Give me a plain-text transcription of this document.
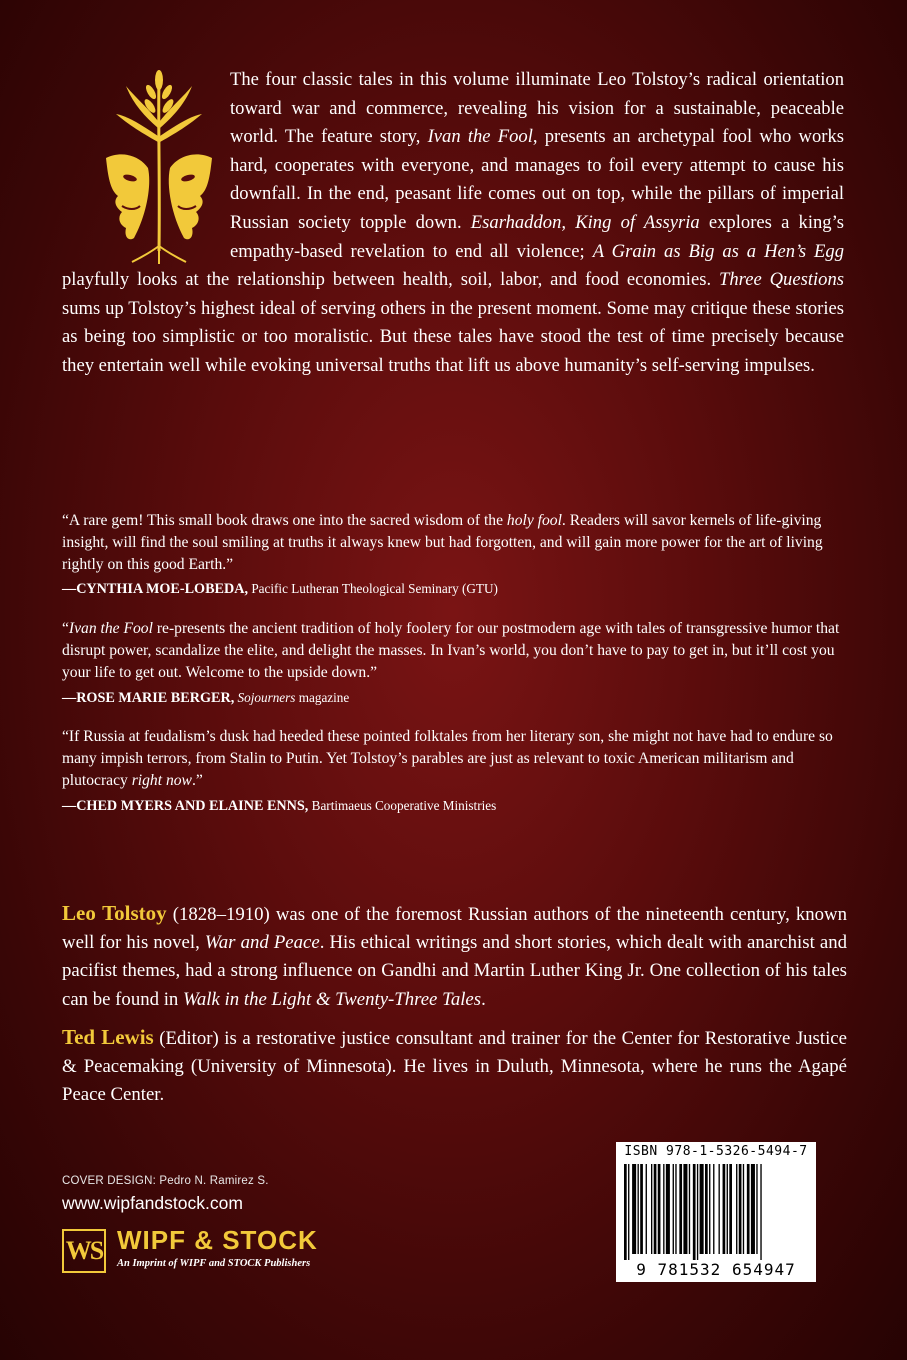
The four classic tales in this volume illuminate Leo Tolstoy’s radical orientation toward war and commerce, revealing his vision for a sustainable, peaceable world. The feature story, Ivan the Fool, presents an archetypal fool who works hard, cooperates with everyone, and manages to foil every attempt to cause his downfall. In the end, peasant life comes out on top, while the pillars of imperial Russian society topple down. Esarhaddon, King of Assyria explores a king’s empathy-based revelation to end all violence; A Grain as Big as a Hen’s Egg playfully looks at the relationship between health, soil, labor, and food economies. Three Questions sums up Tolstoy’s highest ideal of serving others in the present moment. Some may critique these stories as being too simplistic or too moralistic. But these tales have stood the test of time precisely because they entertain well while evoking universal truths that lift us above humanity’s self-serving impulses.

“A rare gem! This small book draws one into the sacred wisdom of the holy fool. Readers will savor kernels of life-giving insight, will find the soul smiling at truths it always knew but had forgotten, and will gain more power for the art of living rightly on this good Earth.”

—CYNTHIA MOE-LOBEDA, Pacific Lutheran Theological Seminary (GTU)

“Ivan the Fool re-presents the ancient tradition of holy foolery for our postmodern age with tales of transgressive humor that disrupt power, scandalize the elite, and delight the masses. In Ivan’s world, you don’t have to pay to get in, but it’ll cost you your life to get out. Welcome to the upside down.”

—ROSE MARIE BERGER, Sojourners magazine

“If Russia at feudalism’s dusk had heeded these pointed folktales from her literary son, she might not have had to endure so many impish terrors, from Stalin to Putin. Yet Tolstoy’s parables are just as relevant to toxic American militarism and plutocracy right now.”

—CHED MYERS AND ELAINE ENNS, Bartimaeus Cooperative Ministries

Leo Tolstoy (1828–1910) was one of the foremost Russian authors of the nineteenth century, known well for his novel, War and Peace. His ethical writings and short stories, which dealt with anarchist and pacifist themes, had a strong influence on Gandhi and Martin Luther King Jr. One collection of his tales can be found in Walk in the Light & Twenty-Three Tales.

Ted Lewis (Editor) is a restorative justice consultant and trainer for the Center for Restorative Justice & Peacemaking (University of Minnesota). He lives in Duluth, Minnesota, where he runs the Agapé Peace Center.

COVER DESIGN: Pedro N. Ramirez S.
www.wipfandstock.com
WS WIPF & STOCK
An Imprint of WIPF and STOCK Publishers
ISBN 978-1-5326-5494-7
9 781532 654947
